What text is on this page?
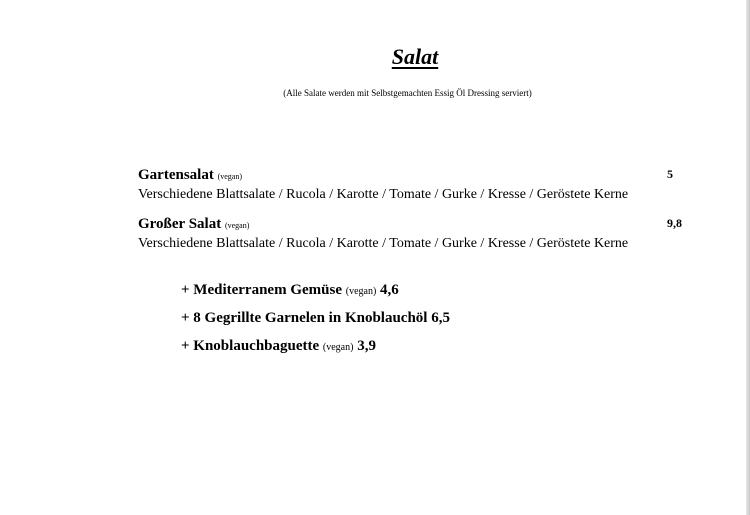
Salat
(Alle Salate werden mit Selbstgemachten Essig Öl Dressing serviert)
Gartensalat (vegan)
Verschiedene Blattsalate / Rucola / Karotte / Tomate / Gurke / Kresse / Geröstete Kerne
5
Großer Salat (vegan)
Verschiedene Blattsalate / Rucola / Karotte / Tomate / Gurke / Kresse / Geröstete Kerne
9,8
+ Mediterranem Gemüse (vegan) 4,6
+ 8 Gegrillte Garnelen in Knoblauchöl 6,5
+ Knoblauchbaguette (vegan) 3,9
